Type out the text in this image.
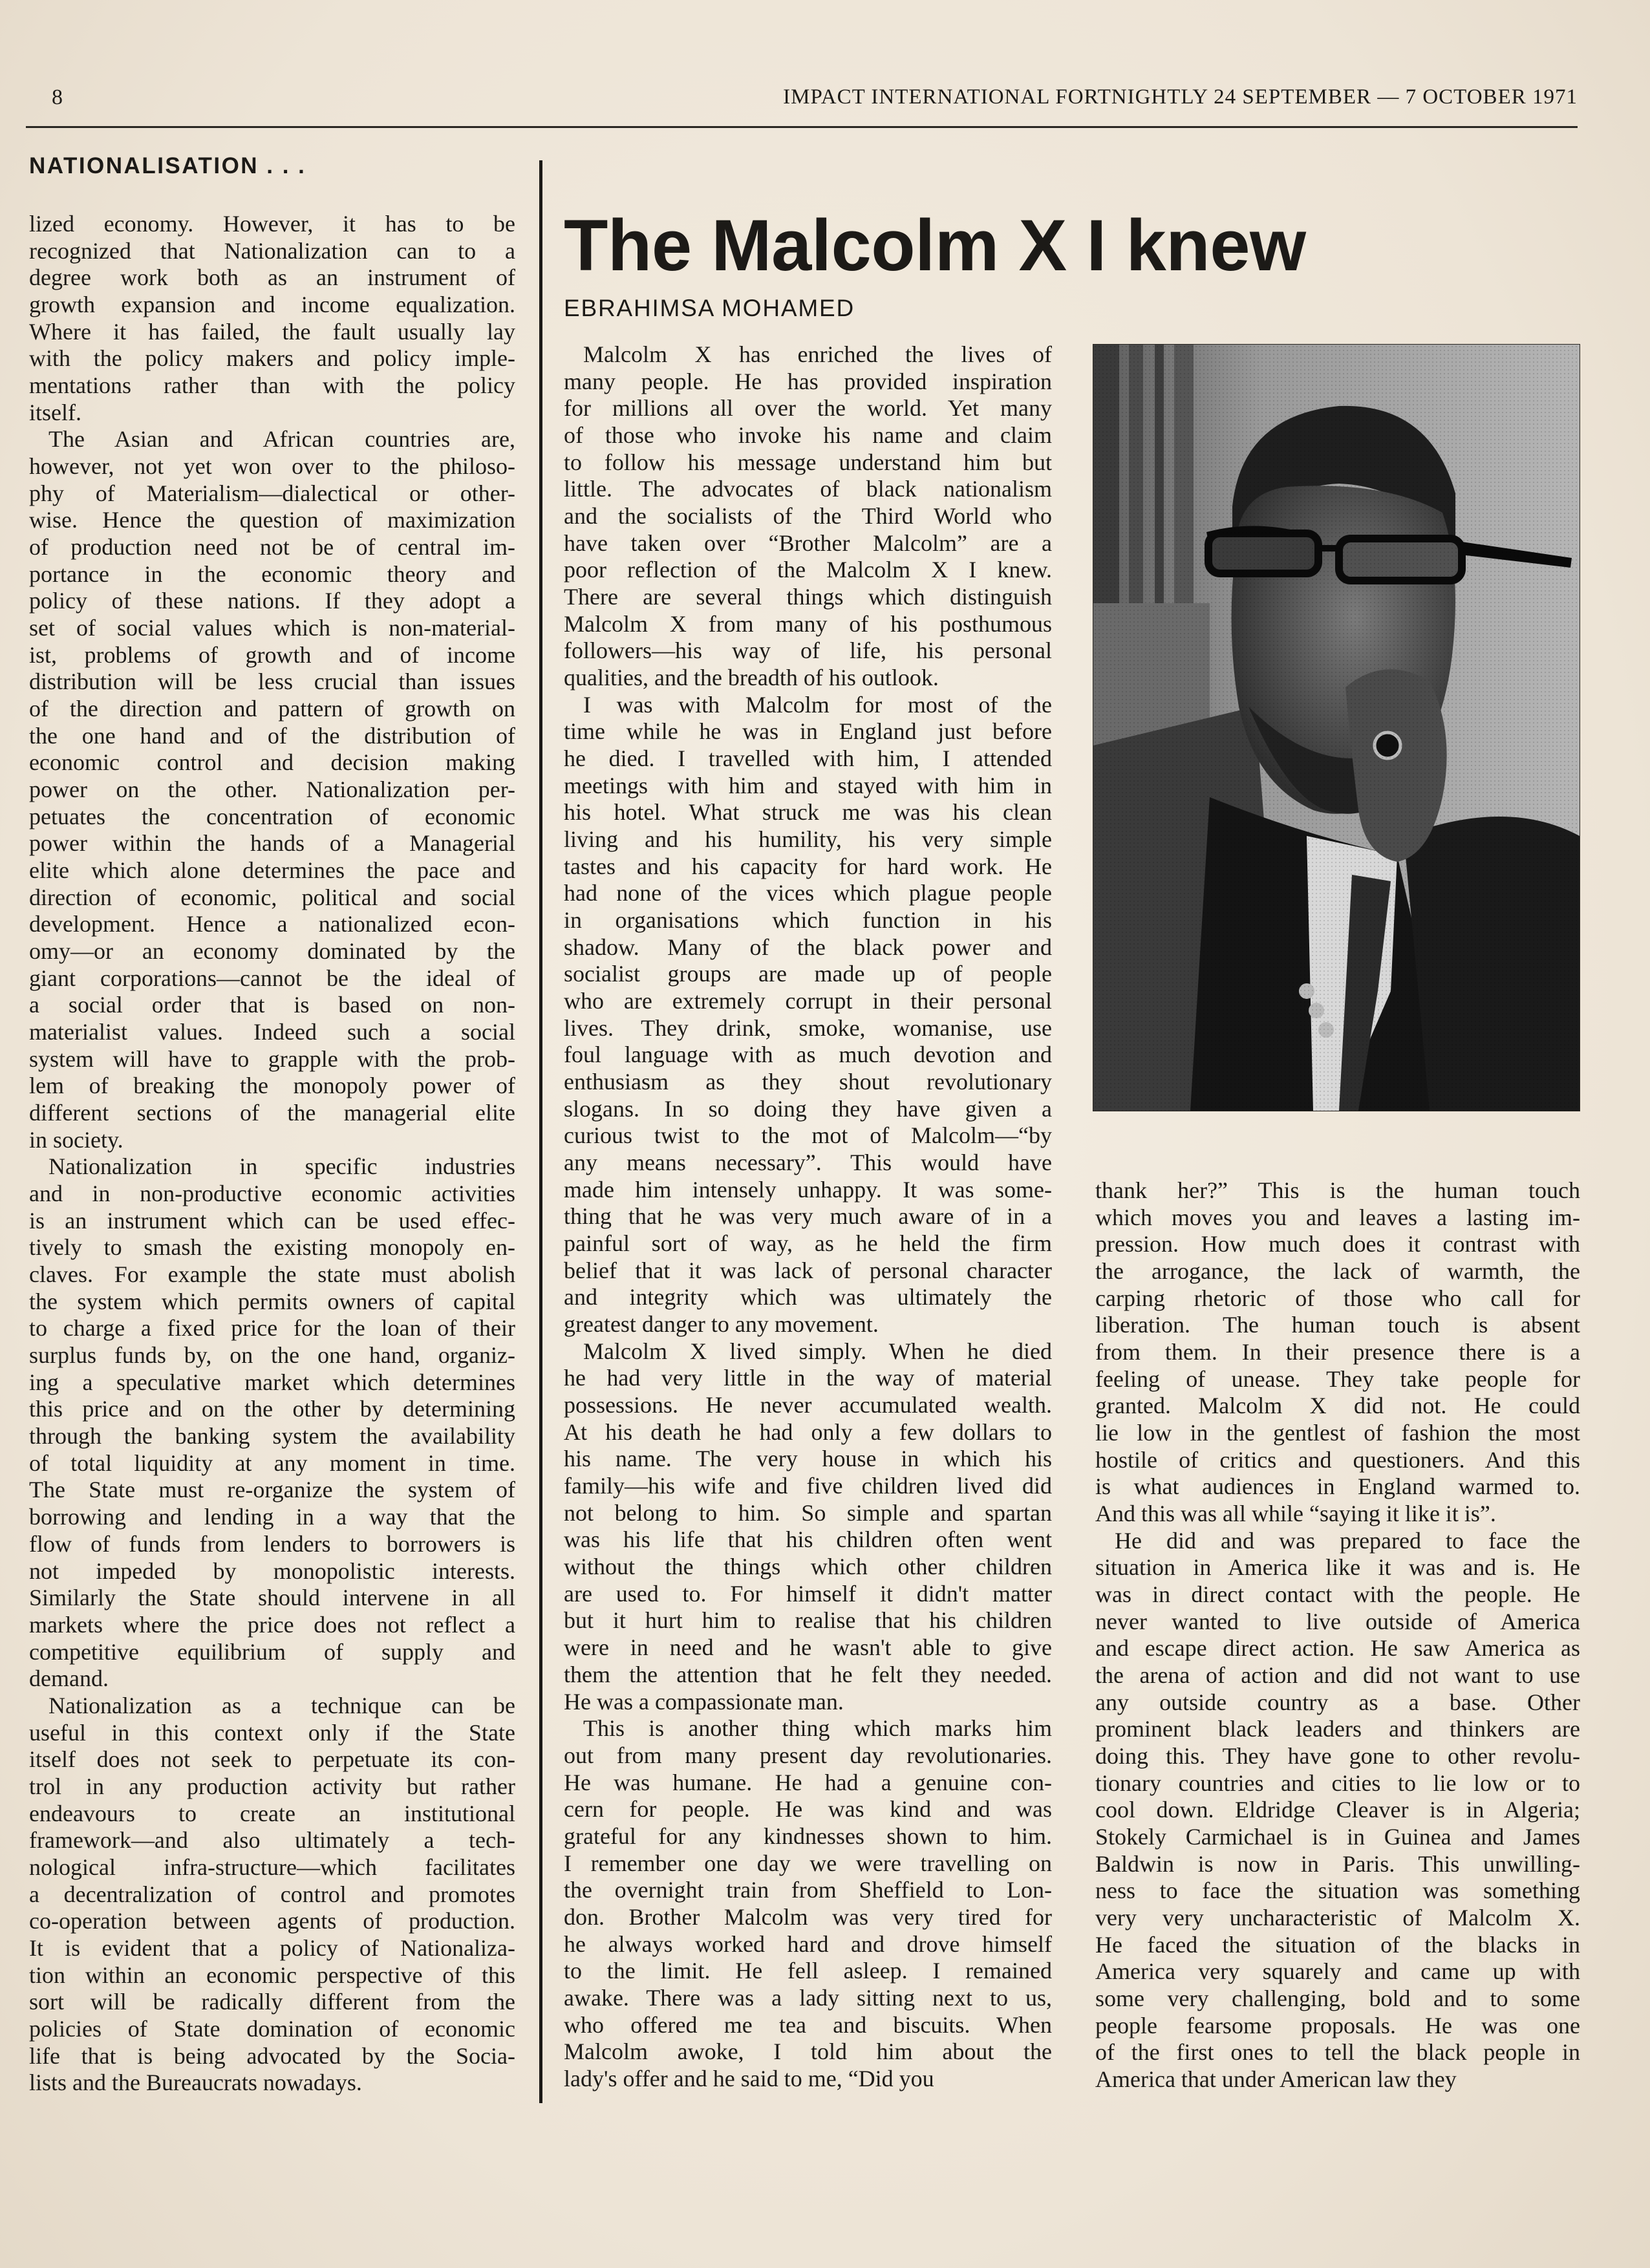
8	IMPACT INTERNATIONAL FORTNIGHTLY 24 SEPTEMBER — 7 OCTOBER 1971
NATIONALISATION . . .
lized economy. However, it has to be
recognized that Nationalization can to a
degree work both as an instrument of
growth expansion and income equalization.
Where it has failed, the fault usually lay
with the policy makers and policy imple-
mentations rather than with the policy
itself.
The Asian and African countries are,
however, not yet won over to the philoso-
phy of Materialism—dialectical or other-
wise. Hence the question of maximization
of production need not be of central im-
portance in the economic theory and
policy of these nations. If they adopt a
set of social values which is non-material-
ist, problems of growth and of income
distribution will be less crucial than issues
of the direction and pattern of growth on
the one hand and of the distribution of
economic control and decision making
power on the other. Nationalization per-
petuates the concentration of economic
power within the hands of a Managerial
elite which alone determines the pace and
direction of economic, political and social
development. Hence a nationalized econ-
omy—or an economy dominated by the
giant corporations—cannot be the ideal of
a social order that is based on non-
materialist values. Indeed such a social
system will have to grapple with the prob-
lem of breaking the monopoly power of
different sections of the managerial elite
in society.
Nationalization in specific industries
and in non-productive economic activities
is an instrument which can be used effec-
tively to smash the existing monopoly en-
claves. For example the state must abolish
the system which permits owners of capital
to charge a fixed price for the loan of their
surplus funds by, on the one hand, organiz-
ing a speculative market which determines
this price and on the other by determining
through the banking system the availability
of total liquidity at any moment in time.
The State must re-organize the system of
borrowing and lending in a way that the
flow of funds from lenders to borrowers is
not impeded by monopolistic interests.
Similarly the State should intervene in all
markets where the price does not reflect a
competitive equilibrium of supply and
demand.
Nationalization as a technique can be
useful in this context only if the State
itself does not seek to perpetuate its con-
trol in any production activity but rather
endeavours to create an institutional
framework—and also ultimately a tech-
nological infra-structure—which facilitates
a decentralization of control and promotes
co-operation between agents of production.
It is evident that a policy of Nationaliza-
tion within an economic perspective of this
sort will be radically different from the
policies of State domination of economic
life that is being advocated by the Socia-
lists and the Bureaucrats nowadays.
The Malcolm X I knew
EBRAHIMSA MOHAMED
Malcolm X has enriched the lives of
many people. He has provided inspiration
for millions all over the world. Yet many
of those who invoke his name and claim
to follow his message understand him but
little. The advocates of black nationalism
and the socialists of the Third World who
have taken over “Brother Malcolm” are a
poor reflection of the Malcolm X I knew.
There are several things which distinguish
Malcolm X from many of his posthumous
followers—his way of life, his personal
qualities, and the breadth of his outlook.
I was with Malcolm for most of the
time while he was in England just before
he died. I travelled with him, I attended
meetings with him and stayed with him in
his hotel. What struck me was his clean
living and his humility, his very simple
tastes and his capacity for hard work. He
had none of the vices which plague people
in organisations which function in his
shadow. Many of the black power and
socialist groups are made up of people
who are extremely corrupt in their personal
lives. They drink, smoke, womanise, use
foul language with as much devotion and
enthusiasm as they shout revolutionary
slogans. In so doing they have given a
curious twist to the mot of Malcolm—“by
any means necessary”. This would have
made him intensely unhappy. It was some-
thing that he was very much aware of in a
painful sort of way, as he held the firm
belief that it was lack of personal character
and integrity which was ultimately the
greatest danger to any movement.
Malcolm X lived simply. When he died
he had very little in the way of material
possessions. He never accumulated wealth.
At his death he had only a few dollars to
his name. The very house in which his
family—his wife and five children lived did
not belong to him. So simple and spartan
was his life that his children often went
without the things which other children
are used to. For himself it didn't matter
but it hurt him to realise that his children
were in need and he wasn't able to give
them the attention that he felt they needed.
He was a compassionate man.
This is another thing which marks him
out from many present day revolutionaries.
He was humane. He had a genuine con-
cern for people. He was kind and was
grateful for any kindnesses shown to him.
I remember one day we were travelling on
the overnight train from Sheffield to Lon-
don. Brother Malcolm was very tired for
he always worked hard and drove himself
to the limit. He fell asleep. I remained
awake. There was a lady sitting next to us,
who offered me tea and biscuits. When
Malcolm awoke, I told him about the
lady's offer and he said to me, “Did you
thank her?” This is the human touch
which moves you and leaves a lasting im-
pression. How much does it contrast with
the arrogance, the lack of warmth, the
carping rhetoric of those who call for
liberation. The human touch is absent
from them. In their presence there is a
feeling of unease. They take people for
granted. Malcolm X did not. He could
lie low in the gentlest of fashion the most
hostile of critics and questioners. And this
is what audiences in England warmed to.
And this was all while “saying it like it is”.
He did and was prepared to face the
situation in America like it was and is. He
was in direct contact with the people. He
never wanted to live outside of America
and escape direct action. He saw America as
the arena of action and did not want to use
any outside country as a base. Other
prominent black leaders and thinkers are
doing this. They have gone to other revolu-
tionary countries and cities to lie low or to
cool down. Eldridge Cleaver is in Algeria;
Stokely Carmichael is in Guinea and James
Baldwin is now in Paris. This unwilling-
ness to face the situation was something
very very uncharacteristic of Malcolm X.
He faced the situation of the blacks in
America very squarely and came up with
some very challenging, bold and to some
people fearsome proposals. He was one
of the first ones to tell the black people in
America that under American law they
